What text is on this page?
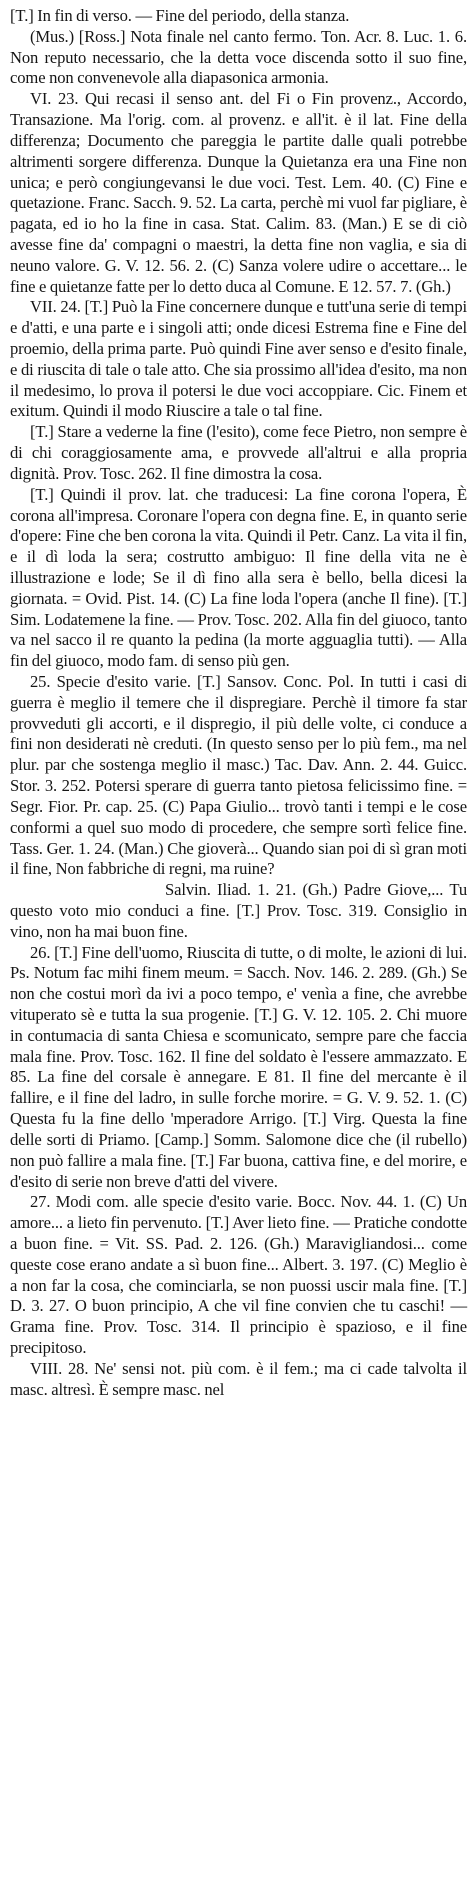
[T.] In fin di verso. — Fine del periodo, della stanza.

(Mus.) [Ross.] Nota finale nel canto fermo. Ton. Acr. 8. Luc. 1. 6. Non reputo necessario, che la detta voce discenda sotto il suo fine, come non convenevole alla diapasonica armonia.

VI. 23. Qui recasi il senso ant. del Fi o Fin provenz., Accordo, Transazione. Ma l'orig. com. al provenz. e all'it. è il lat. Fine della differenza; Documento che pareggia le partite dalle quali potrebbe altrimenti sorgere differenza. Dunque la Quietanza era una Fine non unica; e però congiungevansi le due voci. Test. Lem. 40. (C) Fine e quetazione. Franc. Sacch. 9. 52. La carta, perchè mi vuol far pigliare, è pagata, ed io ho la fine in casa. Stat. Calim. 83. (Man.) E se di ciò avesse fine da' compagni o maestri, la detta fine non vaglia, e sia di neuno valore. G. V. 12. 56. 2. (C) Sanza volere udire o accettare... le fine e quietanze fatte per lo detto duca al Comune. E 12. 57. 7. (Gh.)

VII. 24. [T.] Può la Fine concernere dunque e tutt'una serie di tempi e d'atti, e una parte e i singoli atti; onde dicesi Estrema fine e Fine del proemio, della prima parte. Può quindi Fine aver senso e d'esito finale, e di riuscita di tale o tale atto. Che sia prossimo all'idea d'esito, ma non il medesimo, lo prova il potersi le due voci accoppiare. Cic. Finem et exitum. Quindi il modo Riuscire a tale o tal fine.

[T.] Stare a vederne la fine (l'esito), come fece Pietro, non sempre è di chi coraggiosamente ama, e provvede all'altrui e alla propria dignità. Prov. Tosc. 262. Il fine dimostra la cosa.

[T.] Quindi il prov. lat. che traducesi: La fine corona l'opera, È corona all'impresa. Coronare l'opera con degna fine. E, in quanto serie d'opere: Fine che ben corona la vita. Quindi il Petr. Canz. La vita il fin, e il dì loda la sera; costrutto ambiguo: Il fine della vita ne è illustrazione e lode; Se il dì fino alla sera è bello, bella dicesi la giornata. = Ovid. Pist. 14. (C) La fine loda l'opera (anche Il fine). [T.] Sim. Lodatemene la fine. — Prov. Tosc. 202. Alla fin del giuoco, tanto va nel sacco il re quanto la pedina (la morte agguaglia tutti). — Alla fin del giuoco, modo fam. di senso più gen.

25. Specie d'esito varie. [T.] Sansov. Conc. Pol. In tutti i casi di guerra è meglio il temere che il dispregiare. Perchè il timore fa star provveduti gli accorti, e il dispregio, il più delle volte, ci conduce a fini non desiderati nè creduti. (In questo senso per lo più fem., ma nel plur. par che sostenga meglio il masc.) Tac. Dav. Ann. 2. 44. Guicc. Stor. 3. 252. Potersi sperare di guerra tanto pietosa felicissimo fine. = Segr. Fior. Pr. cap. 25. (C) Papa Giulio... trovò tanti i tempi e le cose conformi a quel suo modo di procedere, che sempre sortì felice fine. Tass. Ger. 1. 24. (Man.) Che gioverà... Quando sian poi di sì gran moti il fine, Non fabbriche di regni, ma ruine?

Salvin. Iliad. 1. 21. (Gh.) Padre Giove,... Tu questo voto mio conduci a fine. [T.] Prov. Tosc. 319. Consiglio in vino, non ha mai buon fine.

26. [T.] Fine dell'uomo, Riuscita di tutte, o di molte, le azioni di lui. Ps. Notum fac mihi finem meum. = Sacch. Nov. 146. 2. 289. (Gh.) Se non che costui morì da ivi a poco tempo, e' venìa a fine, che avrebbe vituperato sè e tutta la sua progenie. [T.] G. V. 12. 105. 2. Chi muore in contumacia di santa Chiesa e scomunicato, sempre pare che faccia mala fine. Prov. Tosc. 162. Il fine del soldato è l'essere ammazzato. E 85. La fine del corsale è annegare. E 81. Il fine del mercante è il fallire, e il fine del ladro, in sulle forche morire. = G. V. 9. 52. 1. (C) Questa fu la fine dello 'mperadore Arrigo. [T.] Virg. Questa la fine delle sorti di Priamo. [Camp.] Somm. Salomone dice che (il rubello) non può fallire a mala fine. [T.] Far buona, cattiva fine, e del morire, e d'esito di serie non breve d'atti del vivere.

27. Modi com. alle specie d'esito varie. Bocc. Nov. 44. 1. (C) Un amore... a lieto fin pervenuto. [T.] Aver lieto fine. — Pratiche condotte a buon fine. = Vit. SS. Pad. 2. 126. (Gh.) Maravigliandosi... come queste cose erano andate a sì buon fine... Albert. 3. 197. (C) Meglio è a non far la cosa, che cominciarla, se non puossi uscir mala fine. [T.] D. 3. 27. O buon principio, A che vil fine convien che tu caschi! — Grama fine. Prov. Tosc. 314. Il principio è spazioso, e il fine precipitoso.

VIII. 28. Ne' sensi not. più com. è il fem.; ma ci cade talvolta il masc. altresì. È sempre masc. nel
